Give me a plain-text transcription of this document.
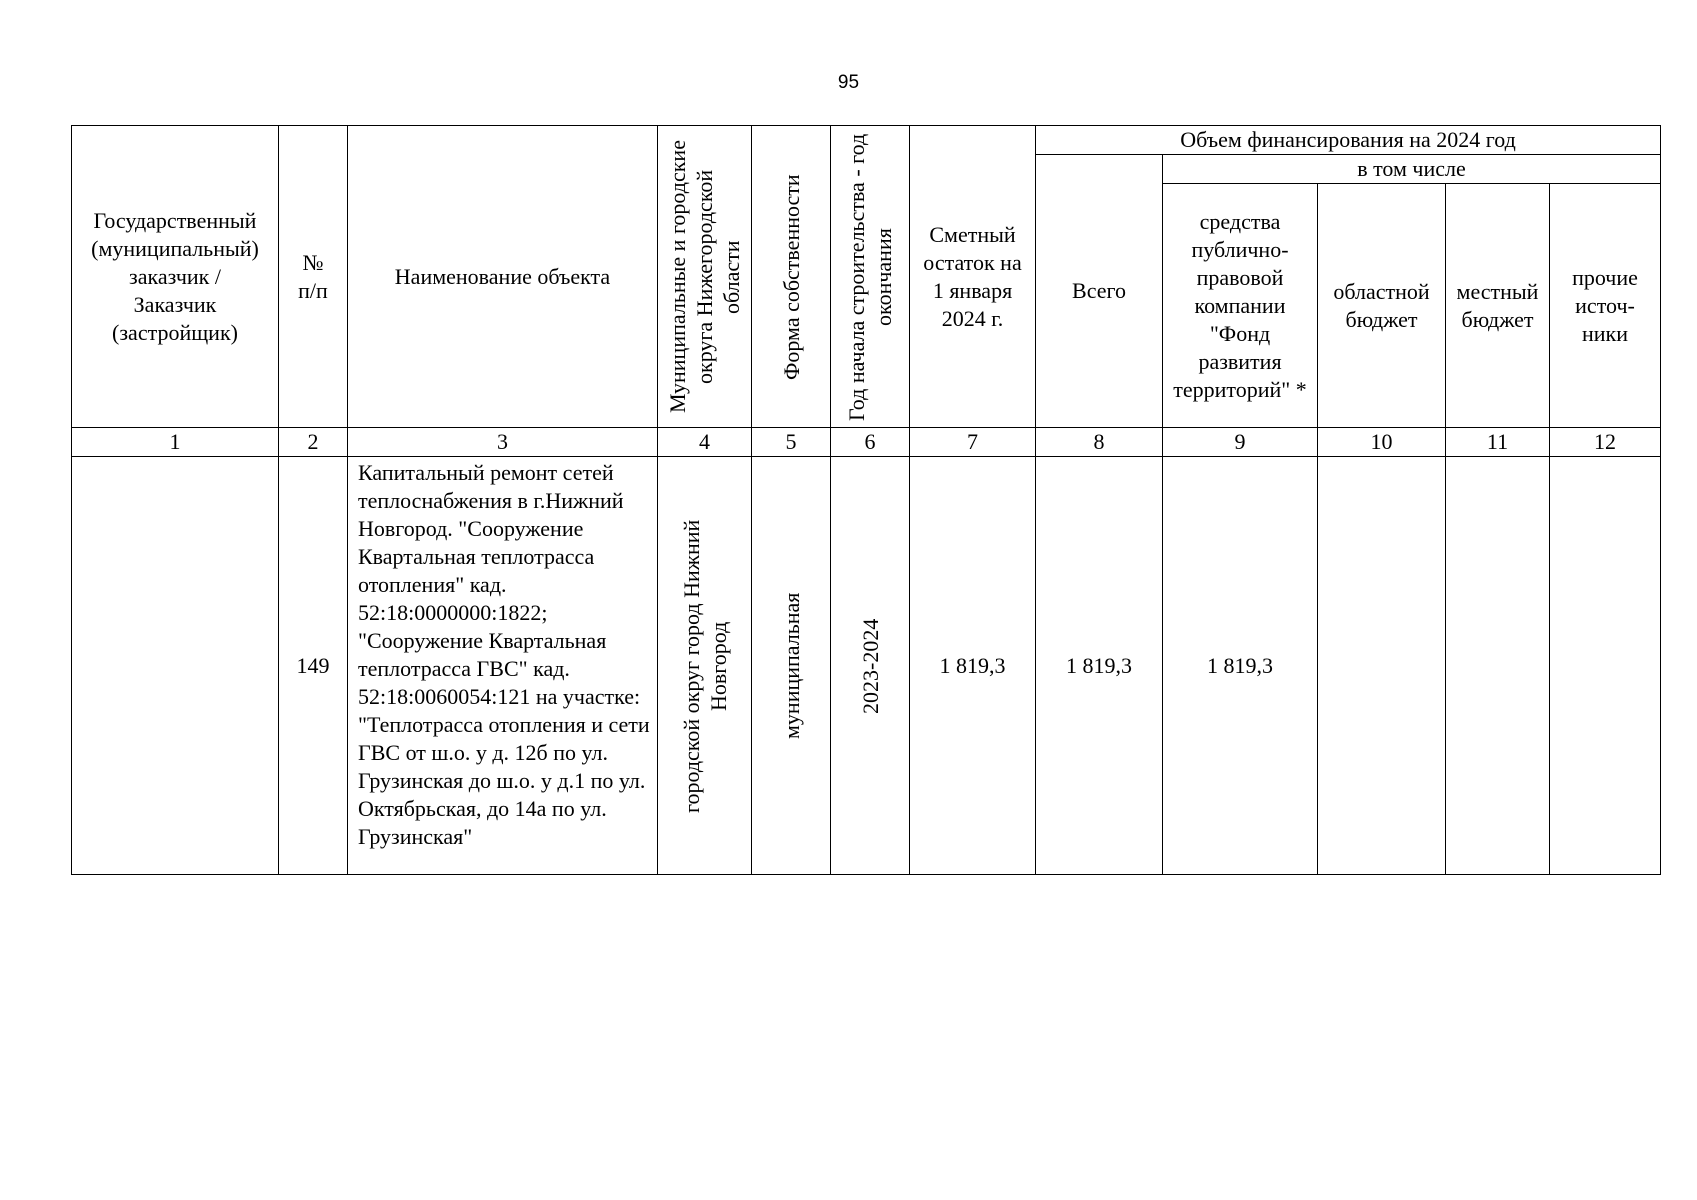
95
Государственный (муниципальный) заказчик / Заказчик (застройщик)	№ п/п	Наименование объекта	Муниципальные и городские округа Нижегородской области	Форма собственности	Год начала строительства - год окончания	Сметный остаток на 1 января 2024 г.	Объем финансирования на 2024 год				
							Всего	в том числе			

								средства публично-правовой компании "Фонд развития территорий" *	областной бюджет	местный бюджет	прочие источ-ники

1	2	3	4	5	6	7	8	9	10	11	12
	149	Капитальный ремонт сетей теплоснабжения в г.Нижний Новгород. "Сооружение Квартальная теплотрасса отопления" кад. 52:18:0000000:1822; "Сооружение Квартальная теплотрасса ГВС" кад. 52:18:0060054:121 на участке: "Теплотрасса отопления и сети ГВС от ш.о. у д. 12б по ул. Грузинская до ш.о. у д.1 по ул. Октябрьская, до 14а по ул. Грузинская"	городской округ город Нижний Новгород	муниципальная	2023-2024	1 819,3	1 819,3	1 819,3			
